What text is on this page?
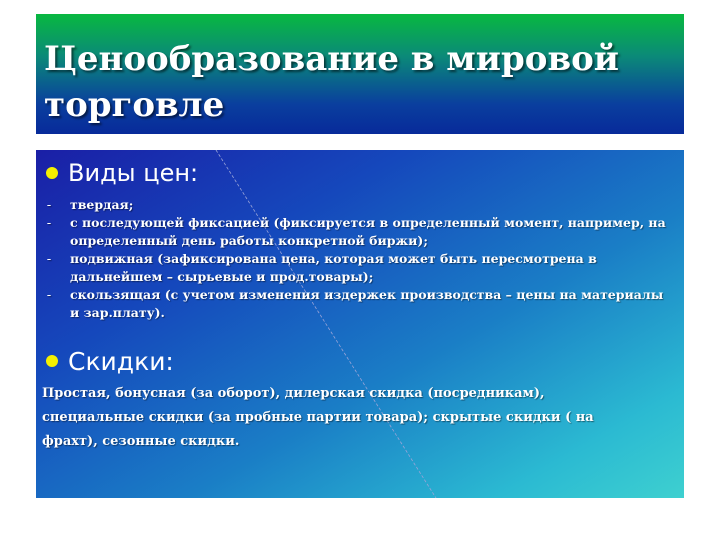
Ценообразование в мировой торговле
Виды цен:
-	твердая;
-	с последующей фиксацией (фиксируется в определенный момент, например, на определенный день работы конкретной биржи);
-	подвижная (зафиксирована цена, которая может быть пересмотрена в дальнейшем – сырьевые и прод.товары);
-	скользящая (с учетом изменения издержек производства – цены на материалы и зар.плату).
Скидки:
Простая, бонусная (за оборот), дилерская скидка (посредникам), специальные скидки (за пробные партии товара); скрытые скидки ( на фрахт), сезонные скидки.
